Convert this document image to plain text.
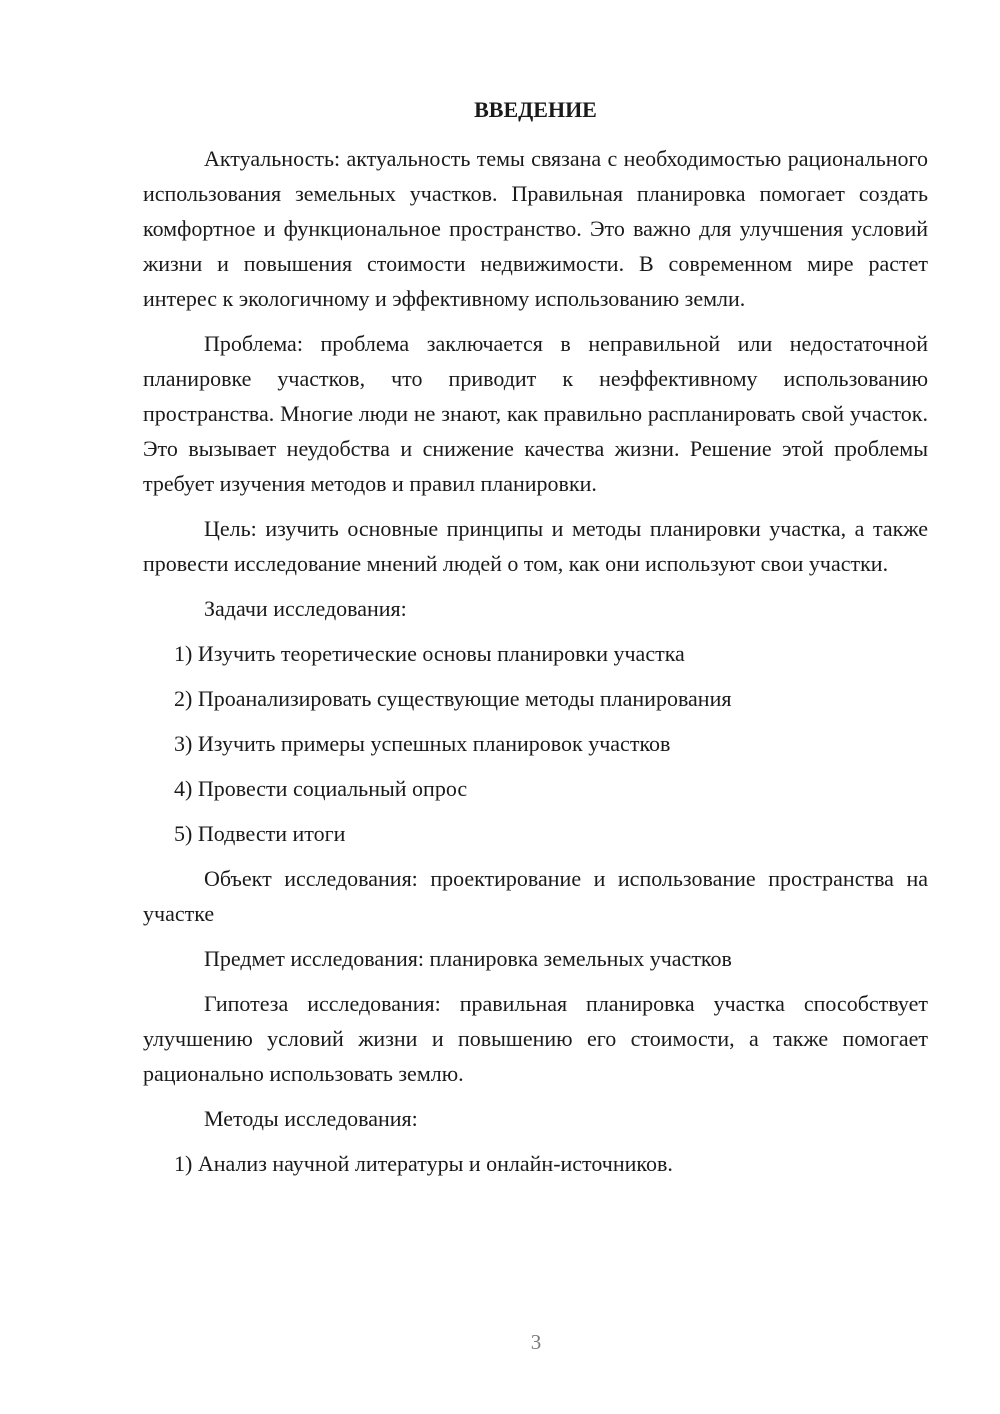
ВВЕДЕНИЕ

Актуальность: актуальность темы связана с необходимостью рационального использования земельных участков. Правильная планировка помогает создать комфортное и функциональное пространство. Это важно для улучшения условий жизни и повышения стоимости недвижимости. В современном мире растет интерес к экологичному и эффективному использованию земли.

Проблема: проблема заключается в неправильной или недостаточной планировке участков, что приводит к неэффективному использованию пространства. Многие люди не знают, как правильно распланировать свой участок. Это вызывает неудобства и снижение качества жизни. Решение этой проблемы требует изучения методов и правил планировки.

Цель: изучить основные принципы и методы планировки участка, а также провести исследование мнений людей о том, как они используют свои участки.

Задачи исследования:

1) Изучить теоретические основы планировки участка
2) Проанализировать существующие методы планирования
3) Изучить примеры успешных планировок участков
4) Провести социальный опрос
5) Подвести итоги

Объект исследования: проектирование и использование пространства на участке

Предмет исследования: планировка земельных участков

Гипотеза исследования: правильная планировка участка способствует улучшению условий жизни и повышению его стоимости, а также помогает рационально использовать землю.

Методы исследования:

1) Анализ научной литературы и онлайн-источников.
3
